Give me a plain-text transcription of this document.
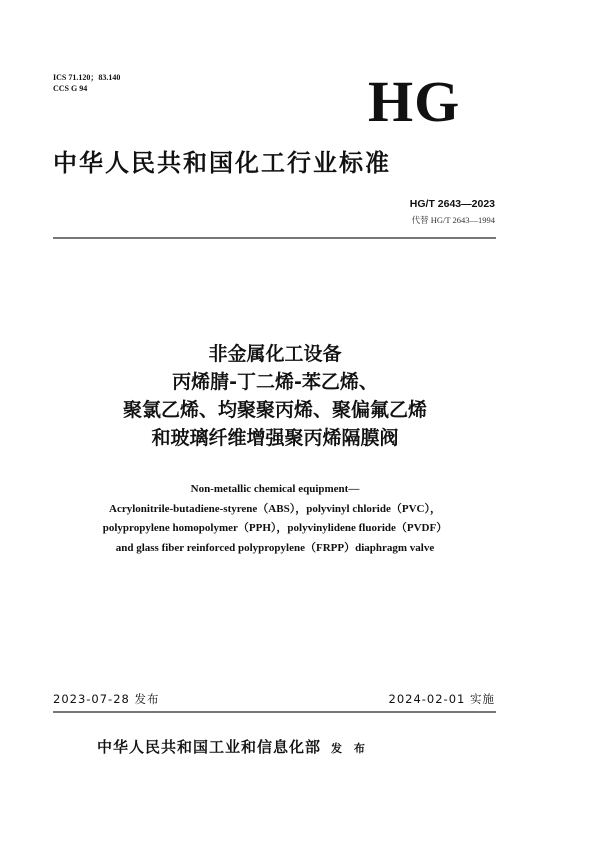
ICS 71.120；83.140
CCS G 94	HG
中华人民共和国化工行业标准
HG/T 2643—2023
代替 HG/T 2643—1994
非金属化工设备
丙烯腈-丁二烯-苯乙烯、
聚氯乙烯、均聚聚丙烯、聚偏氟乙烯
和玻璃纤维增强聚丙烯隔膜阀
Non-metallic chemical equipment—
Acrylonitrile-butadiene-styrene（ABS），polyvinyl chloride（PVC），
polypropylene homopolymer（PPH），polyvinylidene fluoride（PVDF）
and glass fiber reinforced polypropylene（FRPP）diaphragm valve
2023-07-28 发布	2024-02-01 实施
中华人民共和国工业和信息化部 发 布
